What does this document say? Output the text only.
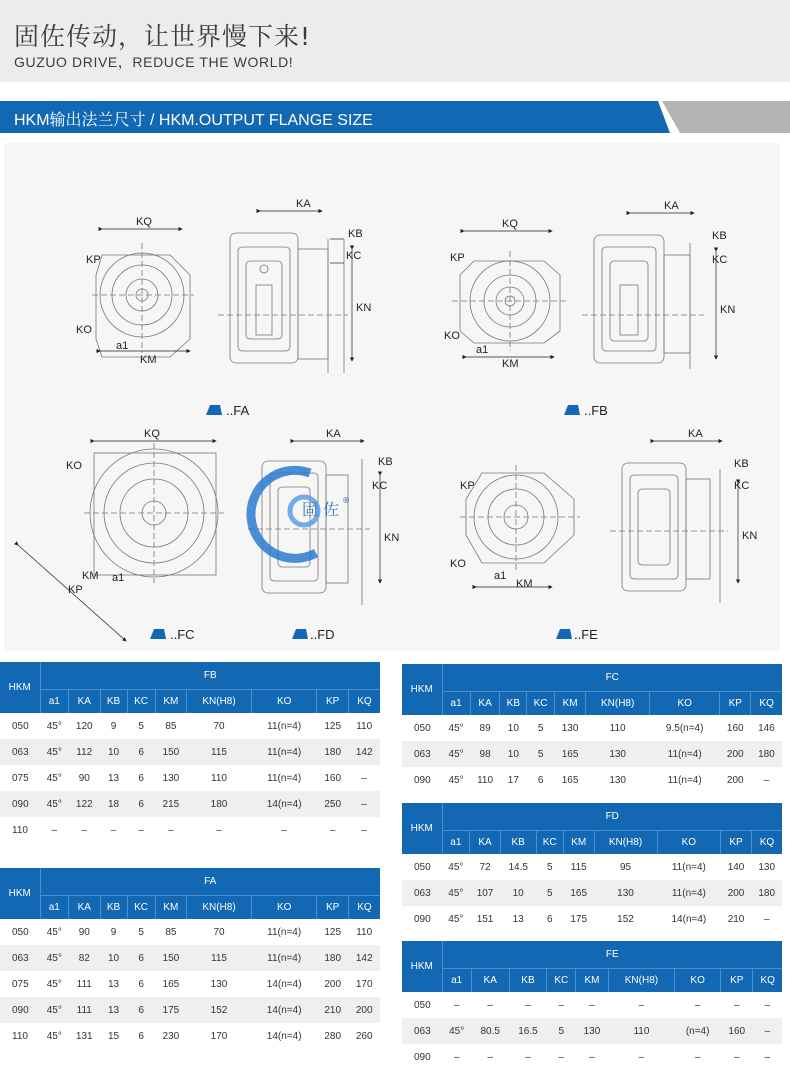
固佐传动，让世界慢下来!
GUZUO DRIVE，REDUCE THE WORLD!
HKM输出法兰尺寸 / HKM.OUTPUT FLANGE SIZE
KQ
KP
KO
a1
KM
KA
KB
KC
KN
KQ
KP
KO
a1
KM
KA
KB
KC
KN
KQ
KO
a1
KM
KP
KA
KB
KC
KN
KP
KO
a1
KM
KA
KB
KC
KN
..FA	..FB
..FC	..FD	..FE
固 佐 ®
HKM	FB								
	a1	KA	KB	KC	KM	KN(H8)	KO	KP	KQ
050	45°	120	9	5	85	70	11(n=4)	125	110
063	45°	112	10	6	150	115	11(n=4)	180	142
075	45°	90	13	6	130	110	11(n=4)	160	–
090	45°	122	18	6	215	180	14(n=4)	250	–
110	–	–	–	–	–	–	–	–	–
HKM	FA								
	a1	KA	KB	KC	KM	KN(H8)	KO	KP	KQ
050	45°	90	9	5	85	70	11(n=4)	125	110
063	45°	82	10	6	150	115	11(n=4)	180	142
075	45°	111	13	6	165	130	14(n=4)	200	170
090	45°	111	13	6	175	152	14(n=4)	210	200
110	45°	131	15	6	230	170	14(n=4)	280	260
HKM	FC								
	a1	KA	KB	KC	KM	KN(H8)	KO	KP	KQ
050	45°	89	10	5	130	110	9.5(n=4)	160	146
063	45°	98	10	5	165	130	11(n=4)	200	180
090	45°	110	17	6	165	130	11(n=4)	200	–
HKM	FD								
	a1	KA	KB	KC	KM	KN(H8)	KO	KP	KQ
050	45°	72	14.5	5	115	95	11(n=4)	140	130
063	45°	107	10	5	165	130	11(n=4)	200	180
090	45°	151	13	6	175	152	14(n=4)	210	–
HKM	FE								
	a1	KA	KB	KC	KM	KN(H8)	KO	KP	KQ
050	–	–	–	–	–	–	–	–	–
063	45°	80.5	16.5	5	130	110	(n=4)	160	–
090	–	–	–	–	–	–	–	–	–
